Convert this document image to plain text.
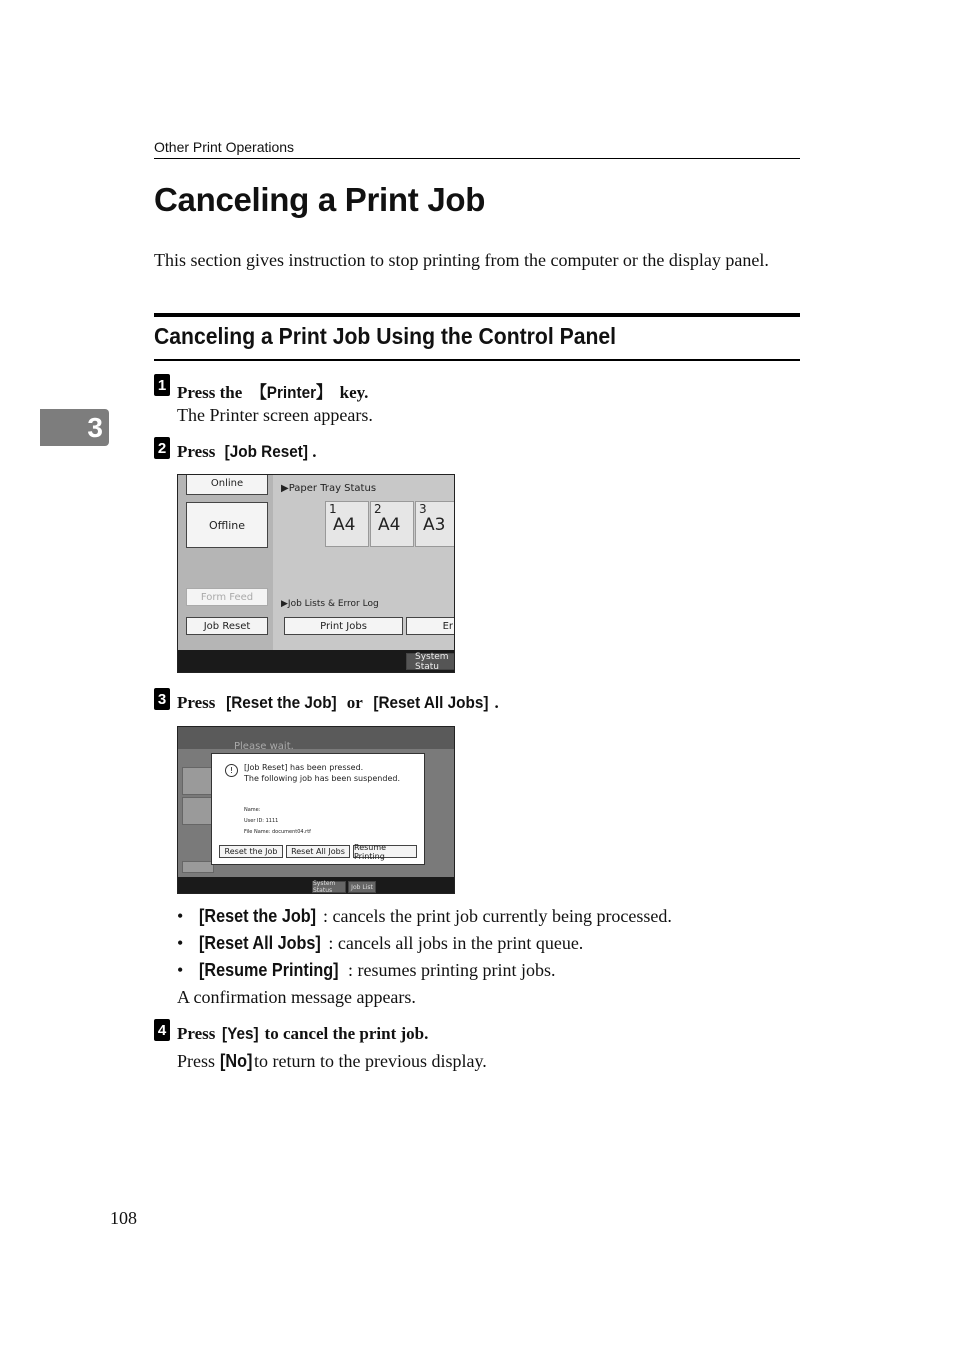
Other Print Operations
Canceling a Print Job
This section gives instruction to stop printing from the computer or the display panel.
Canceling a Print Job Using the Control Panel
3
1 Press the 【Printer】 key.
The Printer screen appears.
2 Press [Job Reset] .
Online
Offline
▶Paper Tray Status
1
A4
2
A4
3
A3
Form Feed
▶Job Lists & Error Log
Job Reset	Print Jobs	Er
System Statu
3 Press [Reset the Job] or [Reset All Jobs] .
Please wait.
System Status	Job List
!	[Job Reset] has been pressed.
The following job has been suspended.
Name:
User ID: 1111
File Name: document04.rtf
Reset the Job Reset All Jobs Resume Printing
• [Reset the Job] : cancels the print job currently being processed.
• [Reset All Jobs] : cancels all jobs in the print queue.
• [Resume Printing] : resumes printing print jobs.
A confirmation message appears.
4 Press [Yes] to cancel the print job.
Press [No] to return to the previous display.
108
